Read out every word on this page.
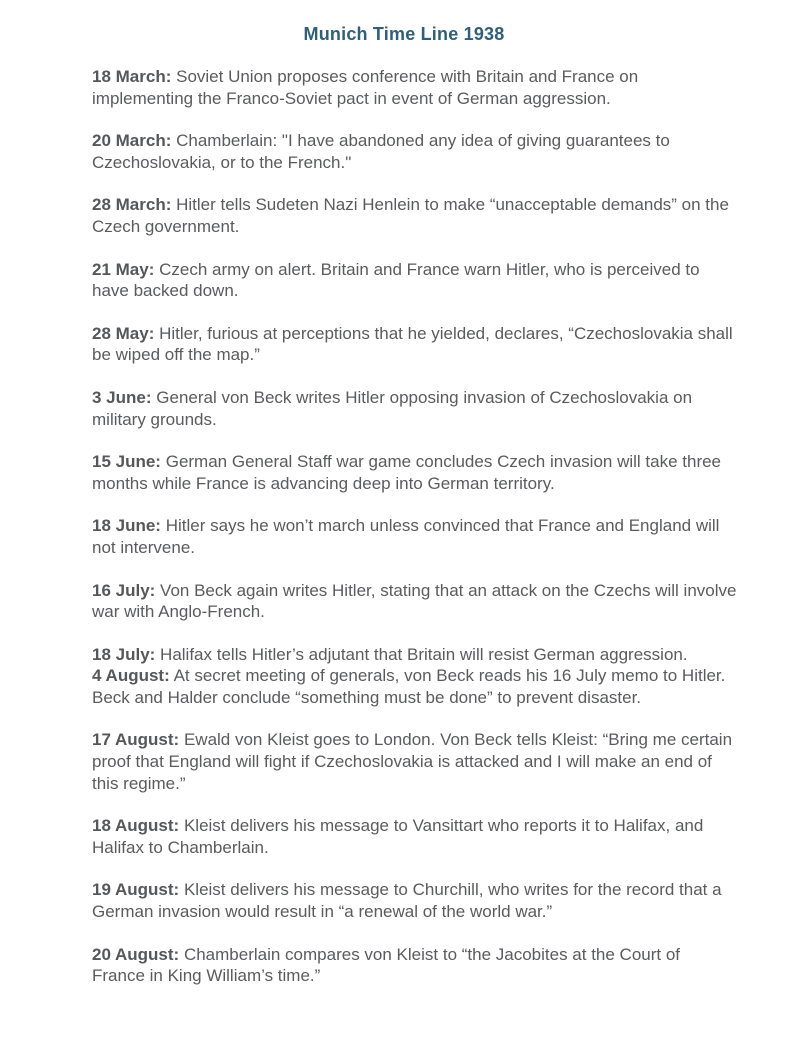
Munich Time Line 1938

18 March: Soviet Union proposes conference with Britain and France on implementing the Franco-Soviet pact in event of German aggression.

20 March: Chamberlain: "I have abandoned any idea of giving guarantees to Czechoslovakia, or to the French."

28 March: Hitler tells Sudeten Nazi Henlein to make “unacceptable demands” on the Czech government.

21 May: Czech army on alert. Britain and France warn Hitler, who is perceived to have backed down.

28 May: Hitler, furious at perceptions that he yielded, declares, “Czechoslovakia shall be wiped off the map.”

3 June: General von Beck writes Hitler opposing invasion of Czechoslovakia on military grounds.

15 June: German General Staff war game concludes Czech invasion will take three months while France is advancing deep into German territory.

18 June: Hitler says he won’t march unless convinced that France and England will not intervene.

16 July: Von Beck again writes Hitler, stating that an attack on the Czechs will involve war with Anglo-French.

18 July: Halifax tells Hitler’s adjutant that Britain will resist German aggression.

4 August: At secret meeting of generals, von Beck reads his 16 July memo to Hitler. Beck and Halder conclude “something must be done” to prevent disaster.

17 August: Ewald von Kleist goes to London. Von Beck tells Kleist: “Bring me certain proof that England will fight if Czechoslovakia is attacked and I will make an end of this regime.”

18 August: Kleist delivers his message to Vansittart who reports it to Halifax, and Halifax to Chamberlain.

19 August: Kleist delivers his message to Churchill, who writes for the record that a German invasion would result in “a renewal of the world war.”

20 August: Chamberlain compares von Kleist to “the Jacobites at the Court of France in King William’s time.”
